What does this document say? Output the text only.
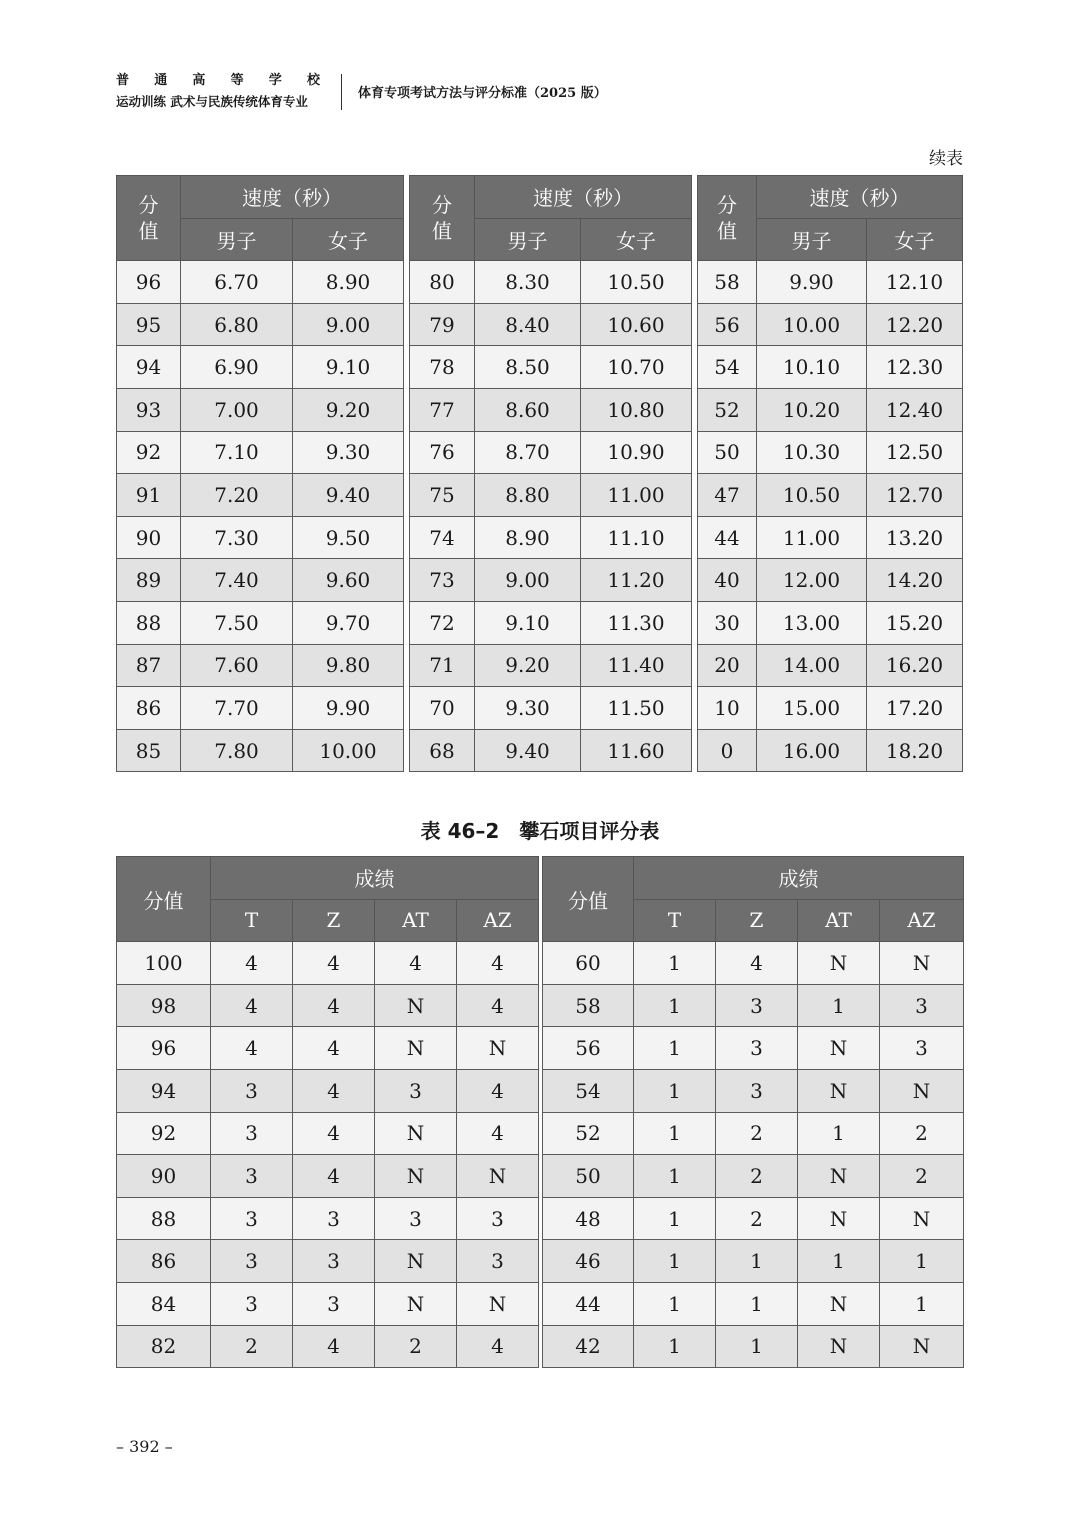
普 通 高 等 学 校
运动训练 武术与民族传统体育专业
体育专项考试方法与评分标准（2025 版）
续表
分
值	速度（秒）	
	男子	女子
96	6.70	8.90
95	6.80	9.00
94	6.90	9.10
93	7.00	9.20
92	7.10	9.30
91	7.20	9.40
90	7.30	9.50
89	7.40	9.60
88	7.50	9.70
87	7.60	9.80
86	7.70	9.90
85	7.80	10.00
分
值	速度（秒）	
	男子	女子
80	8.30	10.50
79	8.40	10.60
78	8.50	10.70
77	8.60	10.80
76	8.70	10.90
75	8.80	11.00
74	8.90	11.10
73	9.00	11.20
72	9.10	11.30
71	9.20	11.40
70	9.30	11.50
68	9.40	11.60
分
值	速度（秒）	
	男子	女子
58	9.90	12.10
56	10.00	12.20
54	10.10	12.30
52	10.20	12.40
50	10.30	12.50
47	10.50	12.70
44	11.00	13.20
40	12.00	14.20
30	13.00	15.20
20	14.00	16.20
10	15.00	17.20
0	16.00	18.20
表 46–2　攀石项目评分表
分值	成绩			
	T	Z	AT	AZ
100	4	4	4	4
98	4	4	N	4
96	4	4	N	N
94	3	4	3	4
92	3	4	N	4
90	3	4	N	N
88	3	3	3	3
86	3	3	N	3
84	3	3	N	N
82	2	4	2	4
分值	成绩			
	T	Z	AT	AZ
60	1	4	N	N
58	1	3	1	3
56	1	3	N	3
54	1	3	N	N
52	1	2	1	2
50	1	2	N	2
48	1	2	N	N
46	1	1	1	1
44	1	1	N	1
42	1	1	N	N
– 392 –
